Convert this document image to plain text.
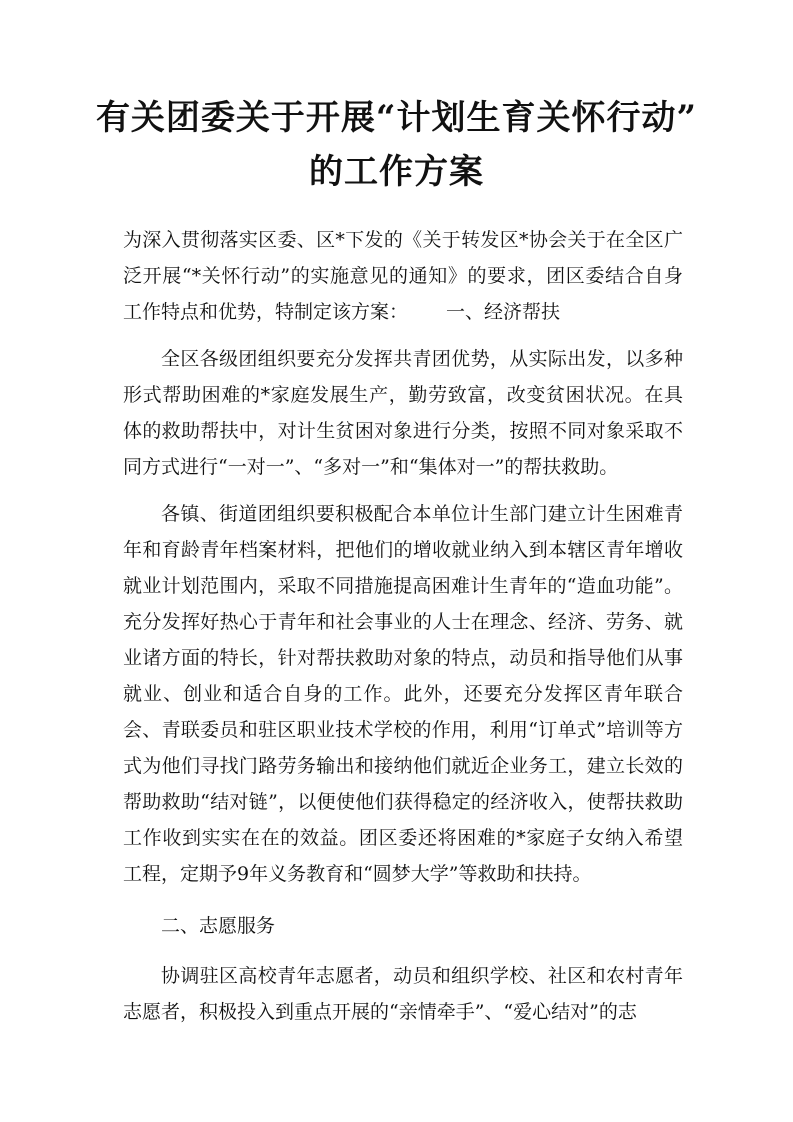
有关团委关于开展“计划生育关怀行动”
的工作方案
为深入贯彻落实区委、区*下发的《关于转发区*协会关于在全区广泛开展“*关怀行动”的实施意见的通知》的要求，团区委结合自身工作特点和优势，特制定该方案： 一、经济帮扶
全区各级团组织要充分发挥共青团优势，从实际出发，以多种形式帮助困难的*家庭发展生产，勤劳致富，改变贫困状况。在具体的救助帮扶中，对计生贫困对象进行分类，按照不同对象采取不同方式进行“一对一”、“多对一”和“集体对一”的帮扶救助。
各镇、街道团组织要积极配合本单位计生部门建立计生困难青年和育龄青年档案材料，把他们的增收就业纳入到本辖区青年增收就业计划范围内，采取不同措施提高困难计生青年的“造血功能”。充分发挥好热心于青年和社会事业的人士在理念、经济、劳务、就业诸方面的特长，针对帮扶救助对象的特点，动员和指导他们从事就业、创业和适合自身的工作。此外，还要充分发挥区青年联合会、青联委员和驻区职业技术学校的作用，利用“订单式”培训等方式为他们寻找门路劳务输出和接纳他们就近企业务工，建立长效的帮助救助“结对链”，以便使他们获得稳定的经济收入，使帮扶救助工作收到实实在在的效益。团区委还将困难的*家庭子女纳入希望工程，定期予9年义务教育和“圆梦大学”等救助和扶持。
二、志愿服务
协调驻区高校青年志愿者，动员和组织学校、社区和农村青年志愿者，积极投入到重点开展的“亲情牵手”、“爱心结对”的志
